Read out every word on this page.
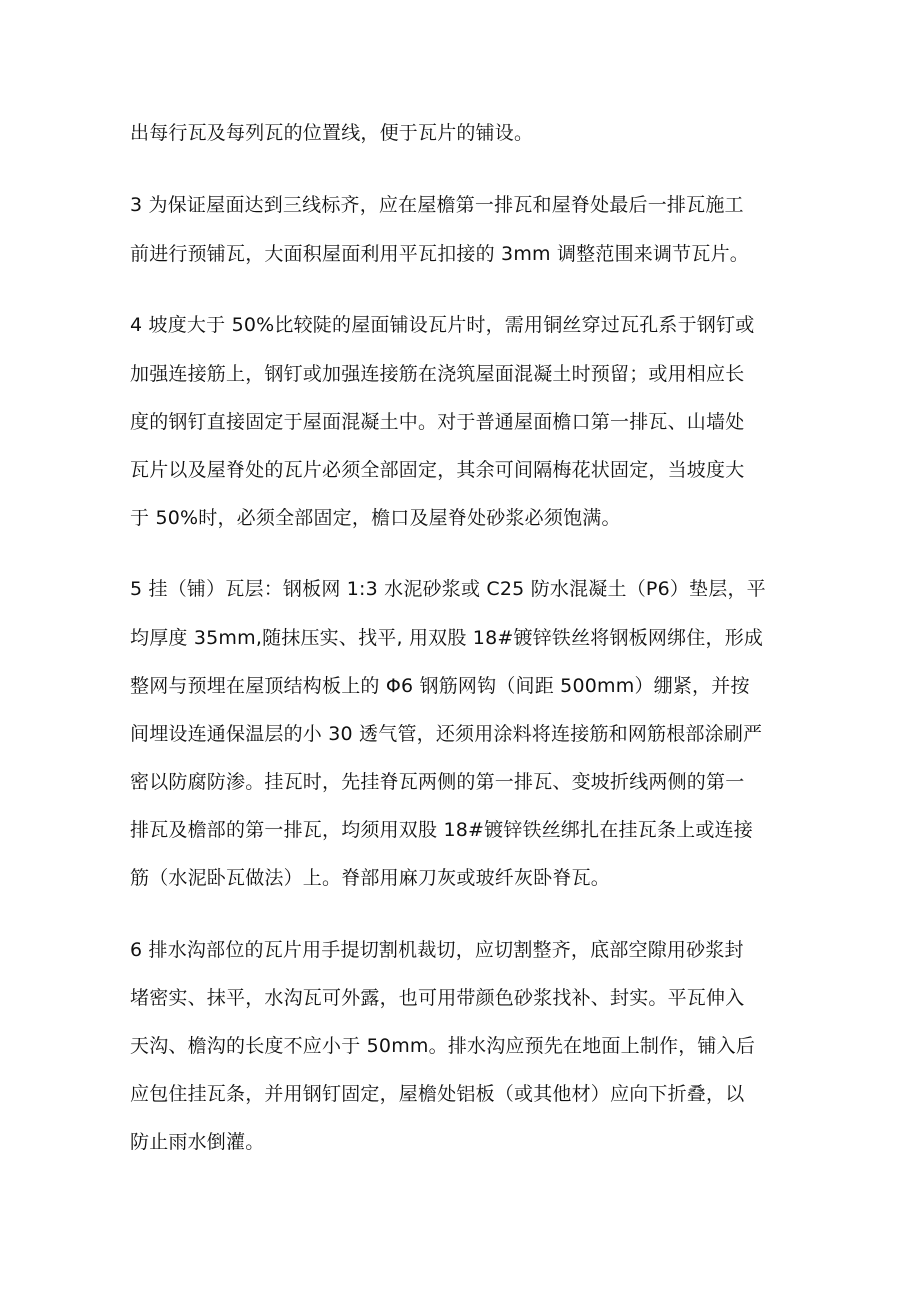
出每行瓦及每列瓦的位置线，便于瓦片的铺设。
3 为保证屋面达到三线标齐，应在屋檐第一排瓦和屋脊处最后一排瓦施工
前进行预铺瓦，大面积屋面利用平瓦扣接的 3mm 调整范围来调节瓦片。
4 坡度大于 50%比较陡的屋面铺设瓦片时，需用铜丝穿过瓦孔系于钢钉或
加强连接筋上，钢钉或加强连接筋在浇筑屋面混凝土时预留；或用相应长
度的钢钉直接固定于屋面混凝土中。对于普通屋面檐口第一排瓦、山墙处
瓦片以及屋脊处的瓦片必须全部固定，其余可间隔梅花状固定，当坡度大
于 50%时，必须全部固定，檐口及屋脊处砂浆必须饱满。
5 挂（铺）瓦层：钢板网 1:3 水泥砂浆或 C25 防水混凝土（P6）垫层，平
均厚度 35mm,随抹压实、找平, 用双股 18#镀锌铁丝将钢板网绑住，形成
整网与预埋在屋顶结构板上的 Φ6 钢筋网钩（间距 500mm）绷紧，并按
间埋设连通保温层的小 30 透气管，还须用涂料将连接筋和网筋根部涂刷严
密以防腐防渗。挂瓦时，先挂脊瓦两侧的第一排瓦、变坡折线两侧的第一
排瓦及檐部的第一排瓦，均须用双股 18#镀锌铁丝绑扎在挂瓦条上或连接
筋（水泥卧瓦做法）上。脊部用麻刀灰或玻纤灰卧脊瓦。
6 排水沟部位的瓦片用手提切割机裁切，应切割整齐，底部空隙用砂浆封
堵密实、抹平，水沟瓦可外露，也可用带颜色砂浆找补、封实。平瓦伸入
天沟、檐沟的长度不应小于 50mm。排水沟应预先在地面上制作，铺入后
应包住挂瓦条，并用钢钉固定，屋檐处铝板（或其他材）应向下折叠，以
防止雨水倒灌。
